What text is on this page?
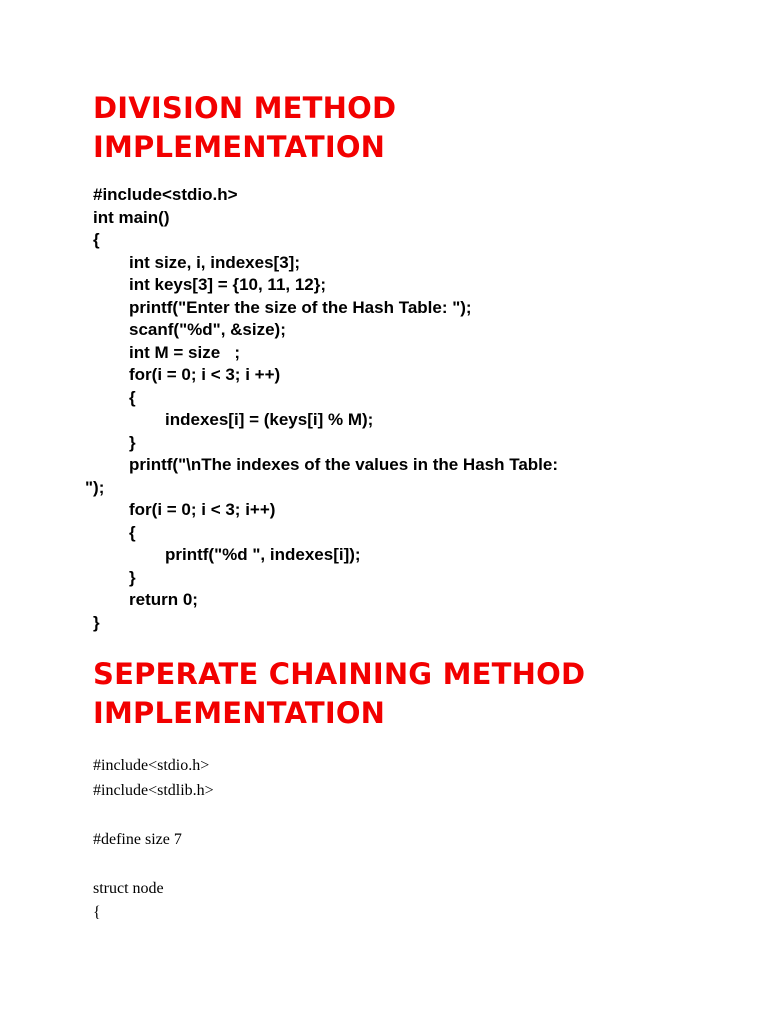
DIVISION METHOD
IMPLEMENTATION
#include<stdio.h>
int main()
{
int size, i, indexes[3];
int keys[3] = {10, 11, 12};
printf("Enter the size of the Hash Table: ");
scanf("%d", &size);
int M = size   ;
for(i = 0; i < 3; i ++)
{
indexes[i] = (keys[i] % M);
}
printf("\nThe indexes of the values in the Hash Table:
");
for(i = 0; i < 3; i++)
{
printf("%d ", indexes[i]);
}
return 0;
}
SEPERATE CHAINING METHOD
IMPLEMENTATION
#include<stdio.h>
#include<stdlib.h>
#define size 7
struct node
{
